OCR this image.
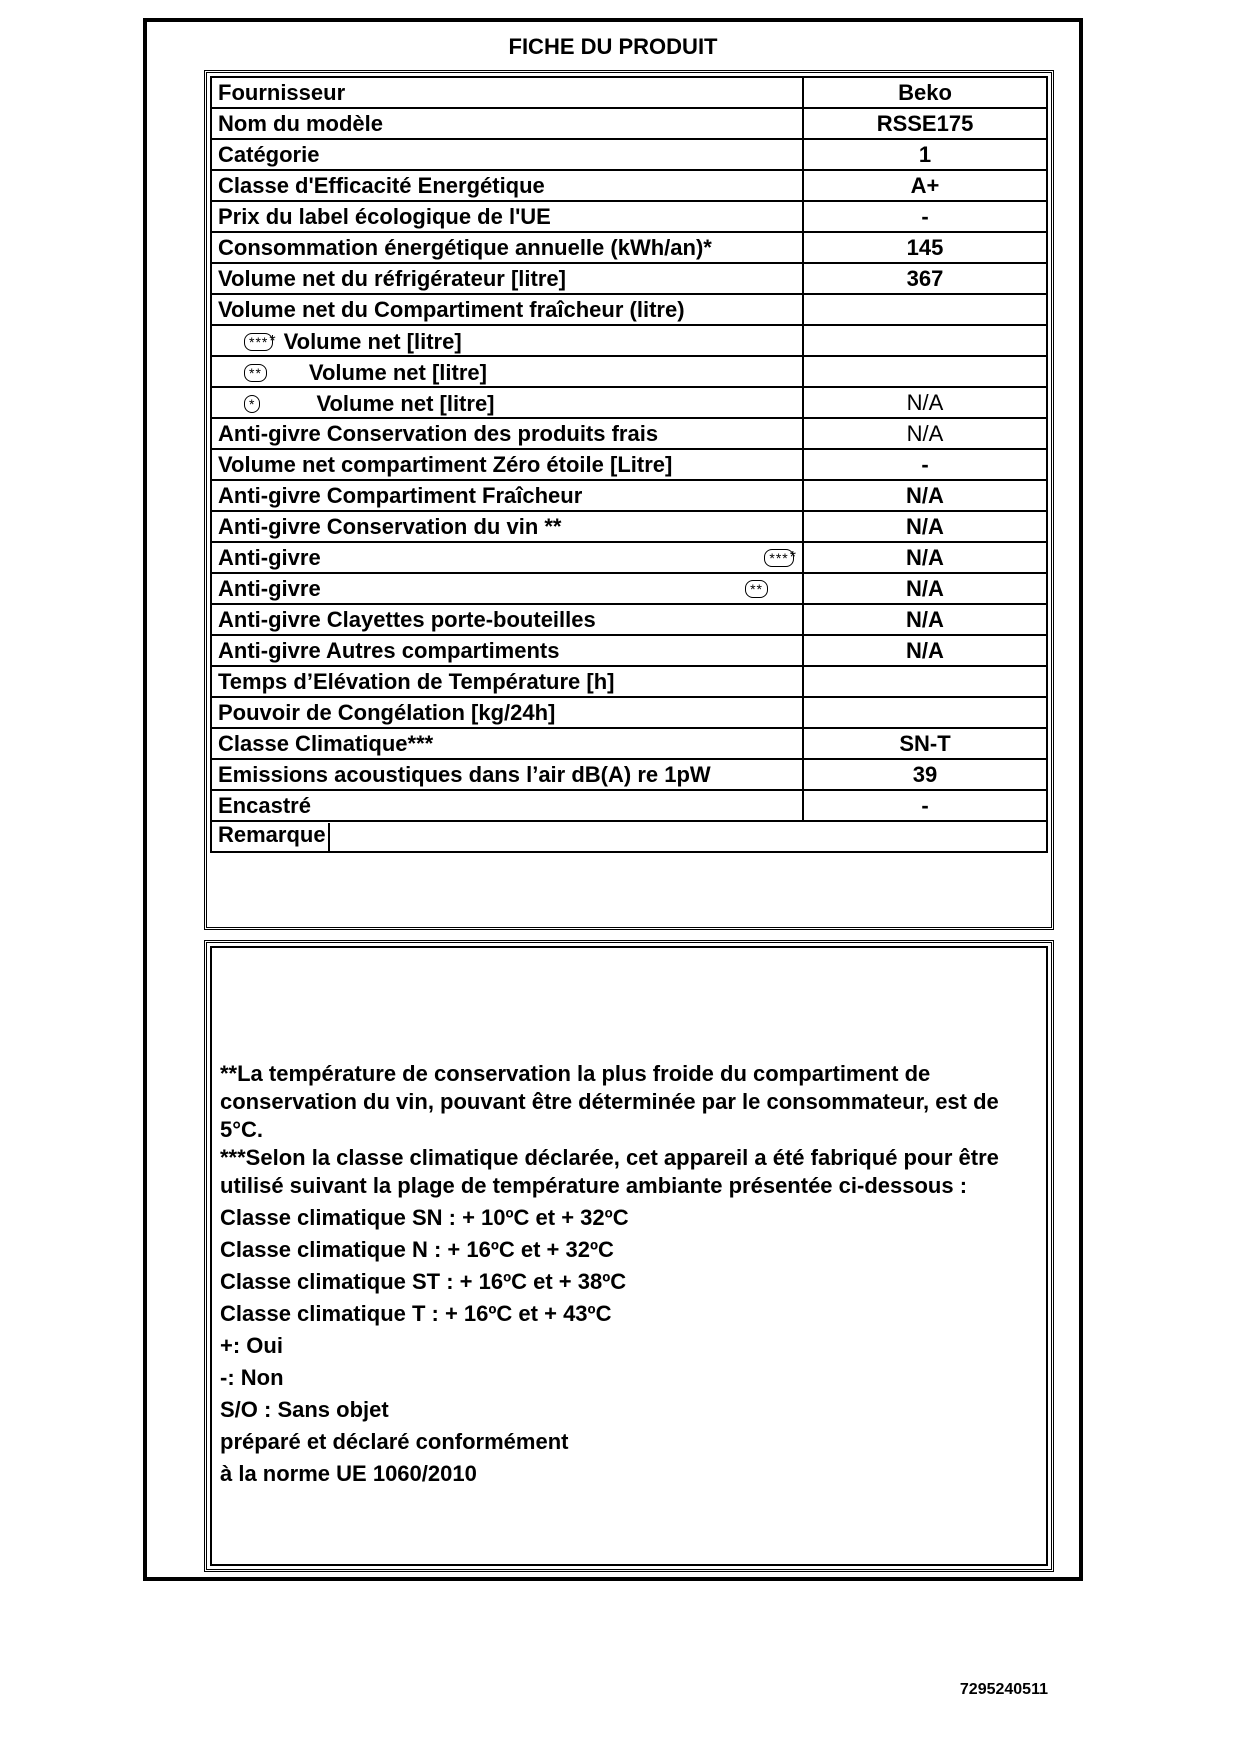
FICHE DU PRODUIT
Fournisseur	Beko
Nom du modèle	RSSE175
Catégorie	1
Classe d'Efficacité Energétique	A+
Prix du label écologique de l'UE	-
Consommation énergétique annuelle (kWh/an)*	145
Volume net du réfrigérateur [litre]	367
Volume net du Compartiment fraîcheur (litre)	

*** * Volume net [litre]	

** Volume net [litre]	

* Volume net [litre]	N/A
Anti-givre Conservation des produits frais	N/A
Volume net compartiment Zéro étoile [Litre]	-
Anti-givre Compartiment Fraîcheur	N/A
Anti-givre Conservation du vin **	N/A

Anti-givre *** *	N/A

Anti-givre **	N/A
Anti-givre Clayettes porte-bouteilles	N/A
Anti-givre Autres compartiments	N/A
Temps d’Elévation de Température [h]	
Pouvoir de Congélation [kg/24h]	
Classe Climatique***	SN-T
Emissions acoustiques dans l’air dB(A) re 1pW	39
Encastré	-
Remarque	

**La température de conservation la plus froide du compartiment de conservation du vin, pouvant être déterminée par le consommateur, est de 5°C.

***Selon la classe climatique déclarée, cet appareil a été fabriqué pour être utilisé suivant la plage de température ambiante présentée ci-dessous :

Classe climatique SN : + 10ºC et + 32ºC

Classe climatique N : + 16ºC et + 32ºC

Classe climatique ST : + 16ºC et + 38ºC

Classe climatique T : + 16ºC et + 43ºC

+: Oui

-: Non

S/O : Sans objet

préparé et déclaré conformément

à la norme UE 1060/2010

7295240511
